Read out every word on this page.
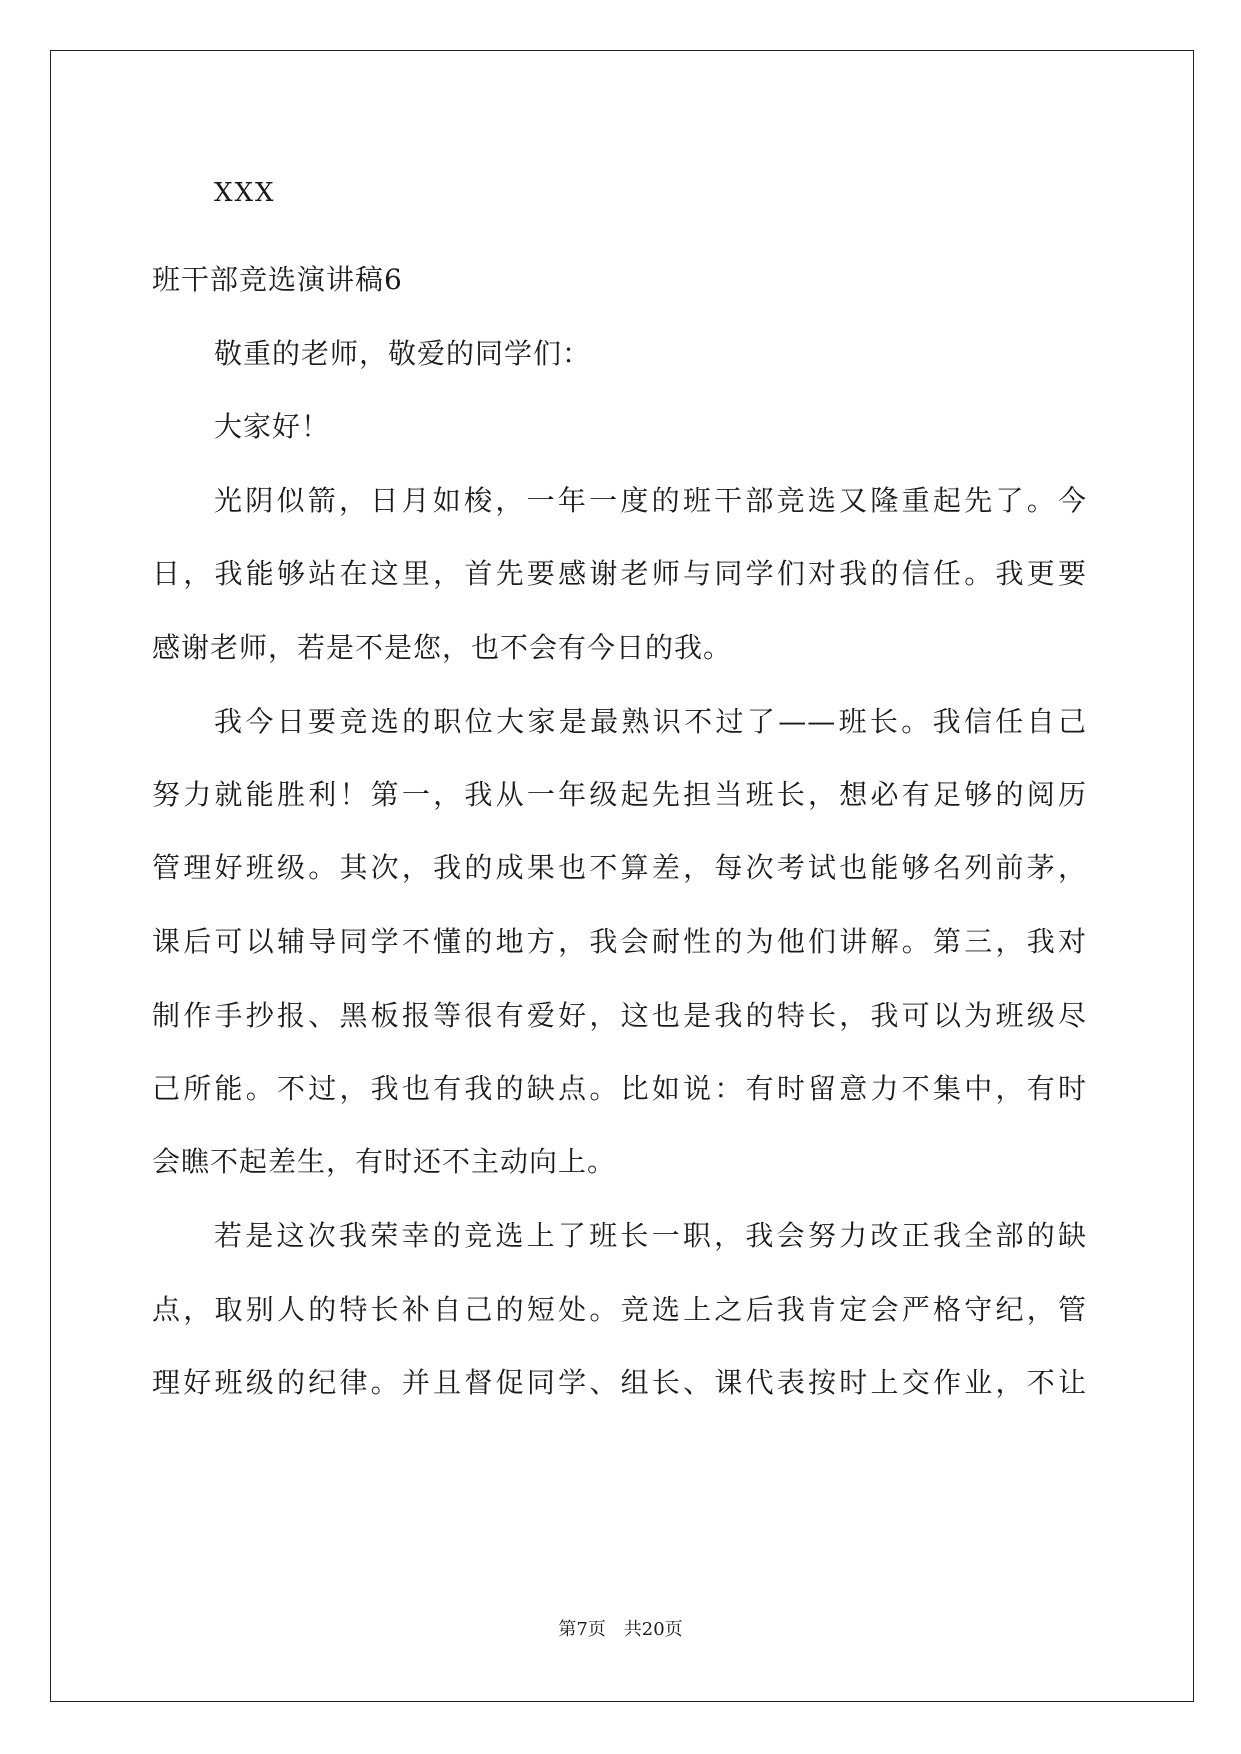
XXX
班干部竞选演讲稿6
敬重的老师，敬爱的同学们：
大家好！
光阴似箭，日月如梭，一年一度的班干部竞选又隆重起先了。今
日，我能够站在这里，首先要感谢老师与同学们对我的信任。我更要
感谢老师，若是不是您，也不会有今日的我。
我今日要竞选的职位大家是最熟识不过了——班长。我信任自己
努力就能胜利！第一，我从一年级起先担当班长，想必有足够的阅历
管理好班级。其次，我的成果也不算差，每次考试也能够名列前茅，
课后可以辅导同学不懂的地方，我会耐性的为他们讲解。第三，我对
制作手抄报、黑板报等很有爱好，这也是我的特长，我可以为班级尽
己所能。不过，我也有我的缺点。比如说：有时留意力不集中，有时
会瞧不起差生，有时还不主动向上。
若是这次我荣幸的竞选上了班长一职，我会努力改正我全部的缺
点，取别人的特长补自己的短处。竞选上之后我肯定会严格守纪，管
理好班级的纪律。并且督促同学、组长、课代表按时上交作业，不让
第7页　共20页
